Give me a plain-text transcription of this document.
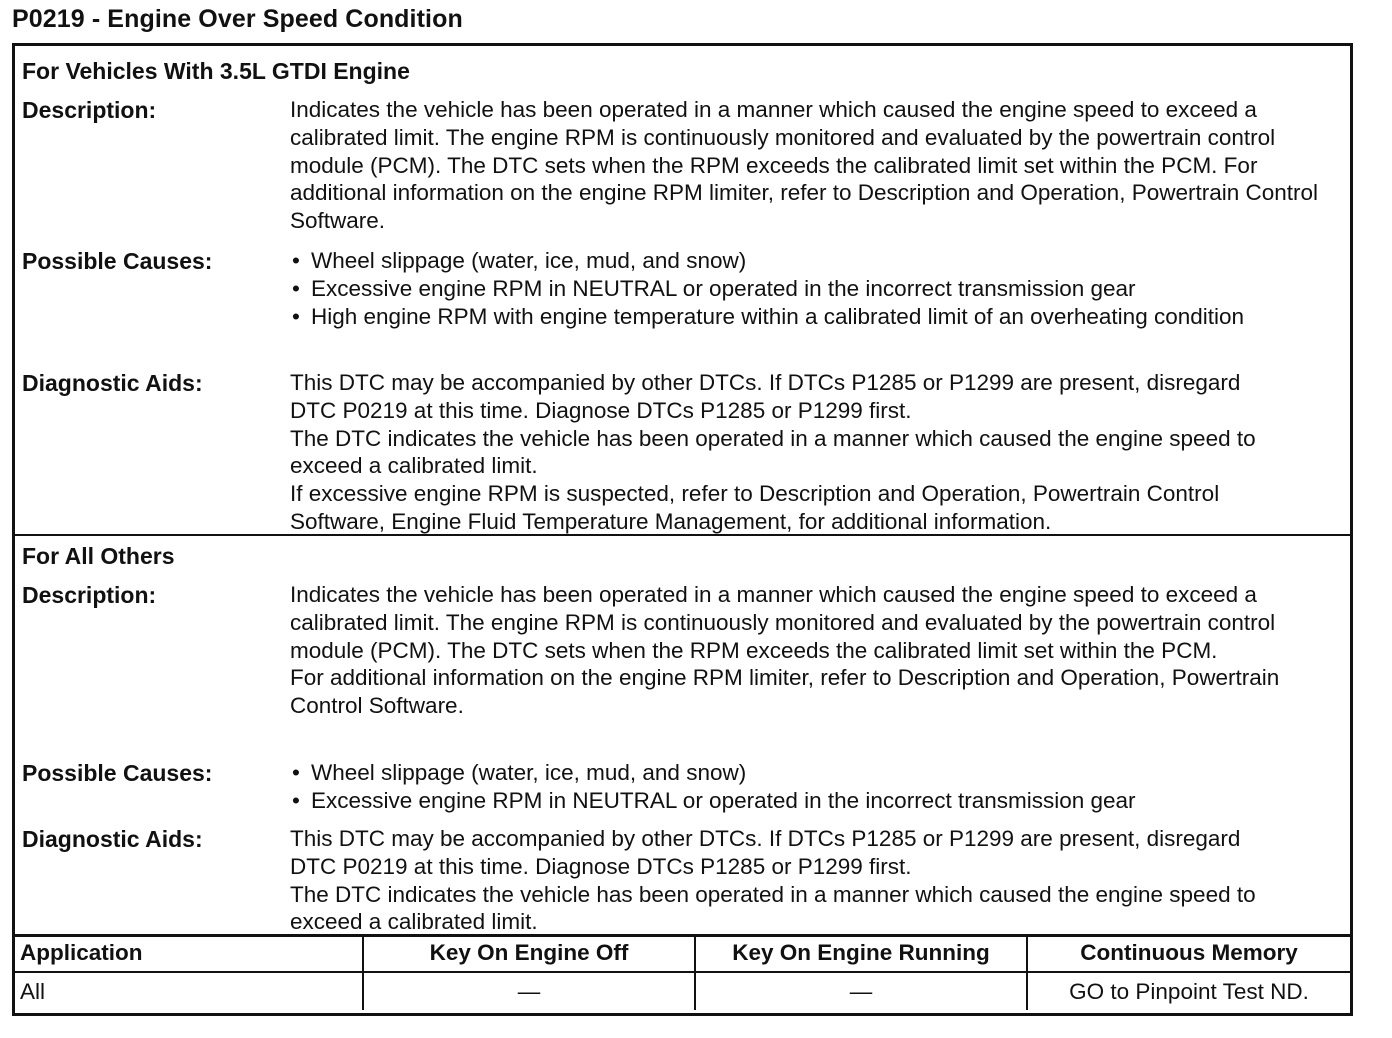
P0219 - Engine Over Speed Condition
For Vehicles With 3.5L GTDI Engine
Description:	Indicates the vehicle has been operated in a manner which caused the engine speed to exceed a calibrated limit. The engine RPM is continuously monitored and evaluated by the powertrain control module (PCM). The DTC sets when the RPM exceeds the calibrated limit set within the PCM. For additional information on the engine RPM limiter, refer to Description and Operation, Powertrain Control Software.

Possible Causes:	• Wheel slippage (water, ice, mud, and snow)
• Excessive engine RPM in NEUTRAL or operated in the incorrect transmission gear
• High engine RPM with engine temperature within a calibrated limit of an overheating condition
Diagnostic Aids:	This DTC may be accompanied by other DTCs. If DTCs P1285 or P1299 are present, disregard DTC P0219 at this time. Diagnose DTCs P1285 or P1299 first.

The DTC indicates the vehicle has been operated in a manner which caused the engine speed to exceed a calibrated limit.

If excessive engine RPM is suspected, refer to Description and Operation, Powertrain Control Software, Engine Fluid Temperature Management, for additional information.

For All Others
Description:	Indicates the vehicle has been operated in a manner which caused the engine speed to exceed a calibrated limit. The engine RPM is continuously monitored and evaluated by the powertrain control module (PCM). The DTC sets when the RPM exceeds the calibrated limit set within the PCM.

For additional information on the engine RPM limiter, refer to Description and Operation, Powertrain Control Software.

Possible Causes:	• Wheel slippage (water, ice, mud, and snow)
• Excessive engine RPM in NEUTRAL or operated in the incorrect transmission gear
Diagnostic Aids:	This DTC may be accompanied by other DTCs. If DTCs P1285 or P1299 are present, disregard DTC P0219 at this time. Diagnose DTCs P1285 or P1299 first.

The DTC indicates the vehicle has been operated in a manner which caused the engine speed to exceed a calibrated limit.

Application	Key On Engine Off	Key On Engine Running	Continuous Memory
All	—	—	GO to Pinpoint Test ND.
